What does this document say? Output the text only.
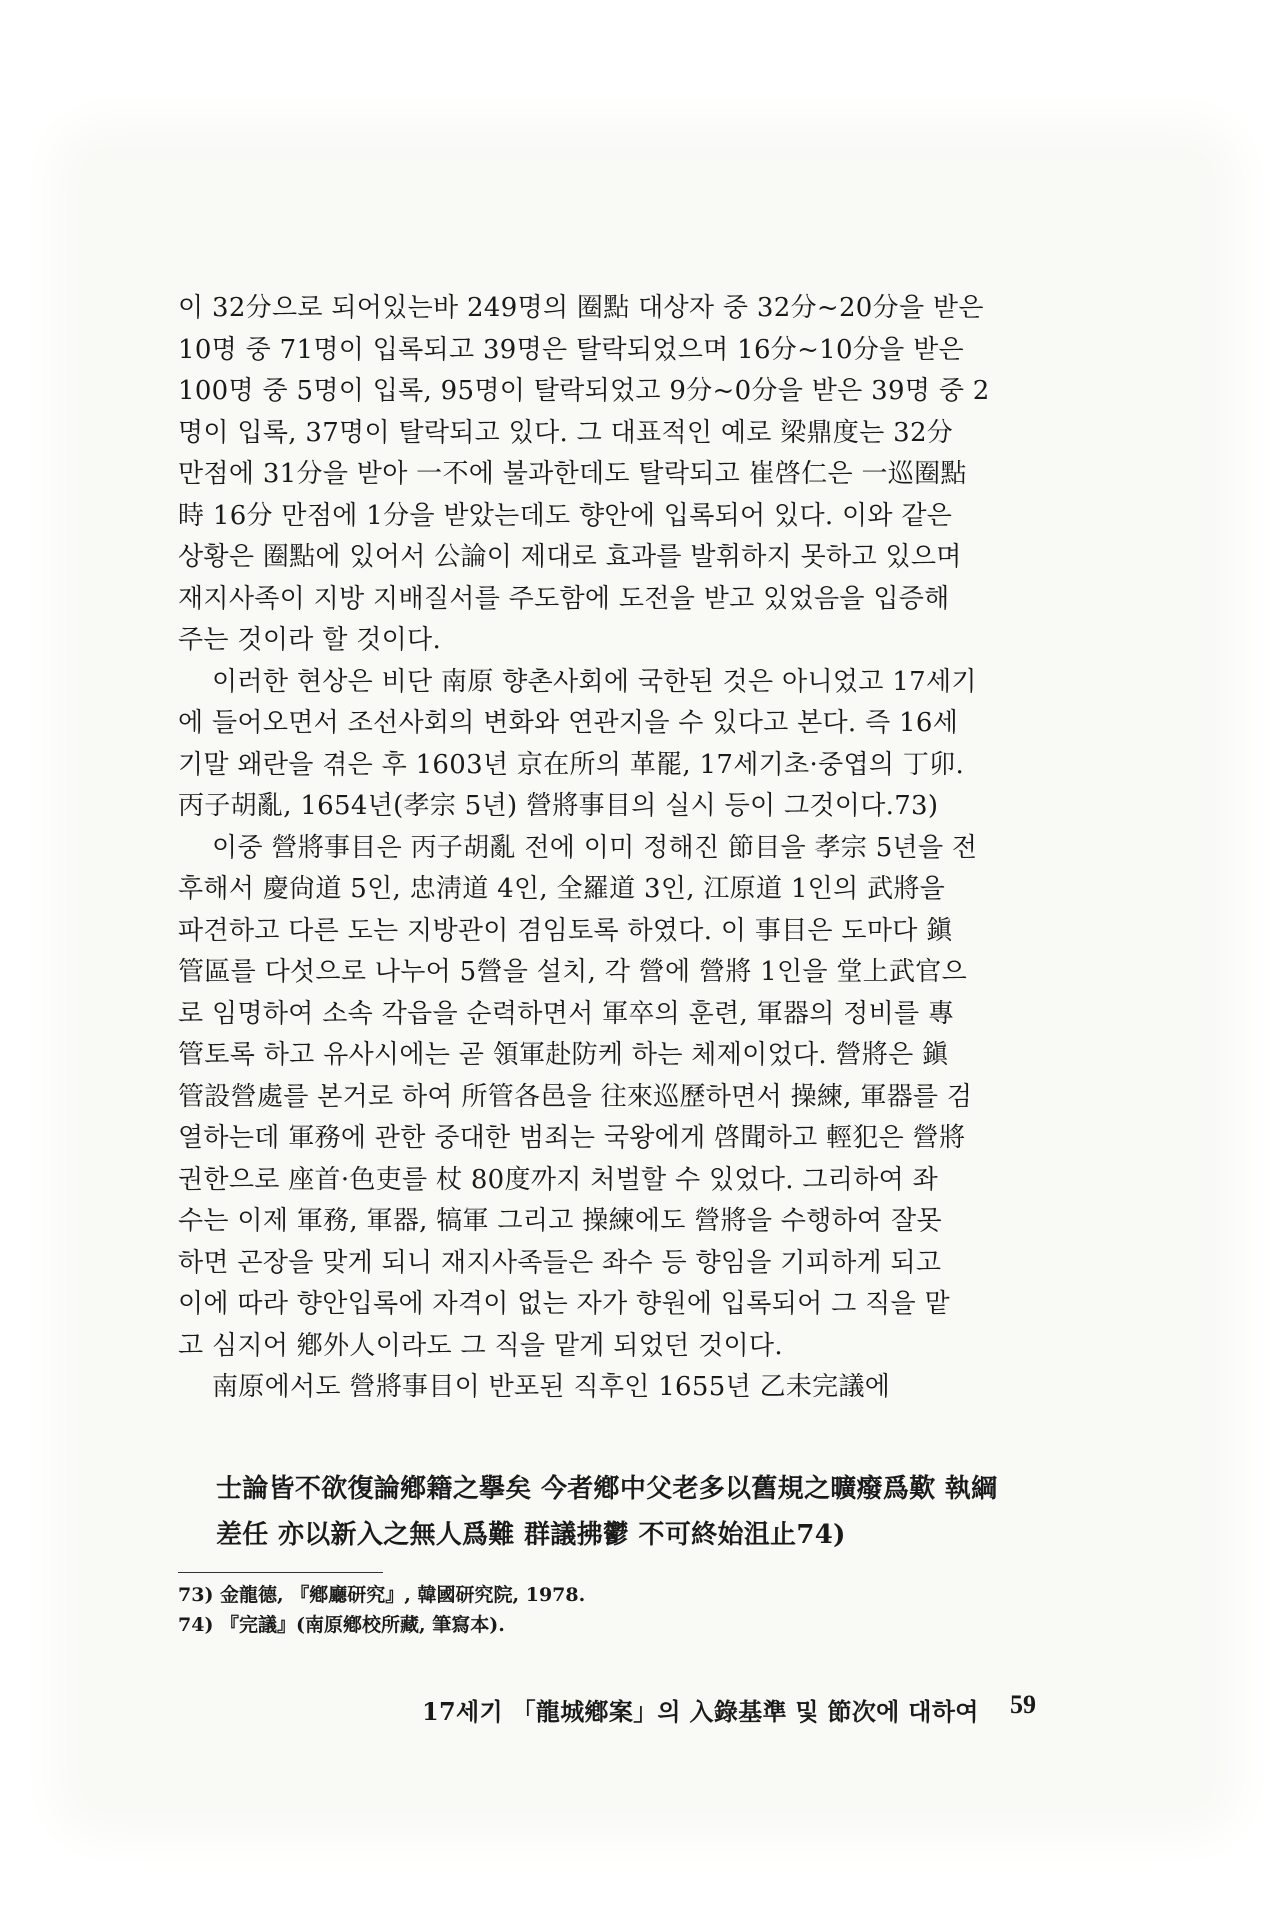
이 32分으로 되어있는바 249명의 圈點 대상자 중 32分~20分을 받은
10명 중 71명이 입록되고 39명은 탈락되었으며 16分~10分을 받은
100명 중 5명이 입록, 95명이 탈락되었고 9分~0分을 받은 39명 중 2
명이 입록, 37명이 탈락되고 있다. 그 대표적인 예로 梁鼎度는 32分
만점에 31分을 받아 一不에 불과한데도 탈락되고 崔啓仁은 一巡圈點
時 16分 만점에 1分을 받았는데도 향안에 입록되어 있다. 이와 같은
상황은 圈點에 있어서 公論이 제대로 효과를 발휘하지 못하고 있으며
재지사족이 지방 지배질서를 주도함에 도전을 받고 있었음을 입증해
주는 것이라 할 것이다.
이러한 현상은 비단 南原 향촌사회에 국한된 것은 아니었고 17세기
에 들어오면서 조선사회의 변화와 연관지을 수 있다고 본다. 즉 16세
기말 왜란을 겪은 후 1603년 京在所의 革罷, 17세기초·중엽의 丁卯.
丙子胡亂, 1654년(孝宗 5년) 營將事目의 실시 등이 그것이다.73)
이중 營將事目은 丙子胡亂 전에 이미 정해진 節目을 孝宗 5년을 전
후해서 慶尙道 5인, 忠淸道 4인, 全羅道 3인, 江原道 1인의 武將을
파견하고 다른 도는 지방관이 겸임토록 하였다. 이 事目은 도마다 鎭
管區를 다섯으로 나누어 5營을 설치, 각 營에 營將 1인을 堂上武官으
로 임명하여 소속 각읍을 순력하면서 軍卒의 훈련, 軍器의 정비를 專
管토록 하고 유사시에는 곧 領軍赴防케 하는 체제이었다. 營將은 鎭
管設營處를 본거로 하여 所管各邑을 往來巡歷하면서 操練, 軍器를 검
열하는데 軍務에 관한 중대한 범죄는 국왕에게 啓聞하고 輕犯은 營將
권한으로 座首·色吏를 杖 80度까지 처벌할 수 있었다. 그리하여 좌
수는 이제 軍務, 軍器, 犒軍 그리고 操練에도 營將을 수행하여 잘못
하면 곤장을 맞게 되니 재지사족들은 좌수 등 향임을 기피하게 되고
이에 따라 향안입록에 자격이 없는 자가 향원에 입록되어 그 직을 맡
고 심지어 鄕外人이라도 그 직을 맡게 되었던 것이다.
南原에서도 營將事目이 반포된 직후인 1655년 乙未完議에
士論皆不欲復論鄕籍之擧矣 今者鄕中父老多以舊規之曠癈爲歎 執綱
差任 亦以新入之無人爲難 群議拂鬱 不可終始沮止74)
73) 金龍德, 『鄕廳研究』, 韓國研究院, 1978.
74) 『完議』(南原鄕校所藏, 筆寫本).
17세기 「龍城鄕案」의 入錄基準 및 節次에 대하여	59
